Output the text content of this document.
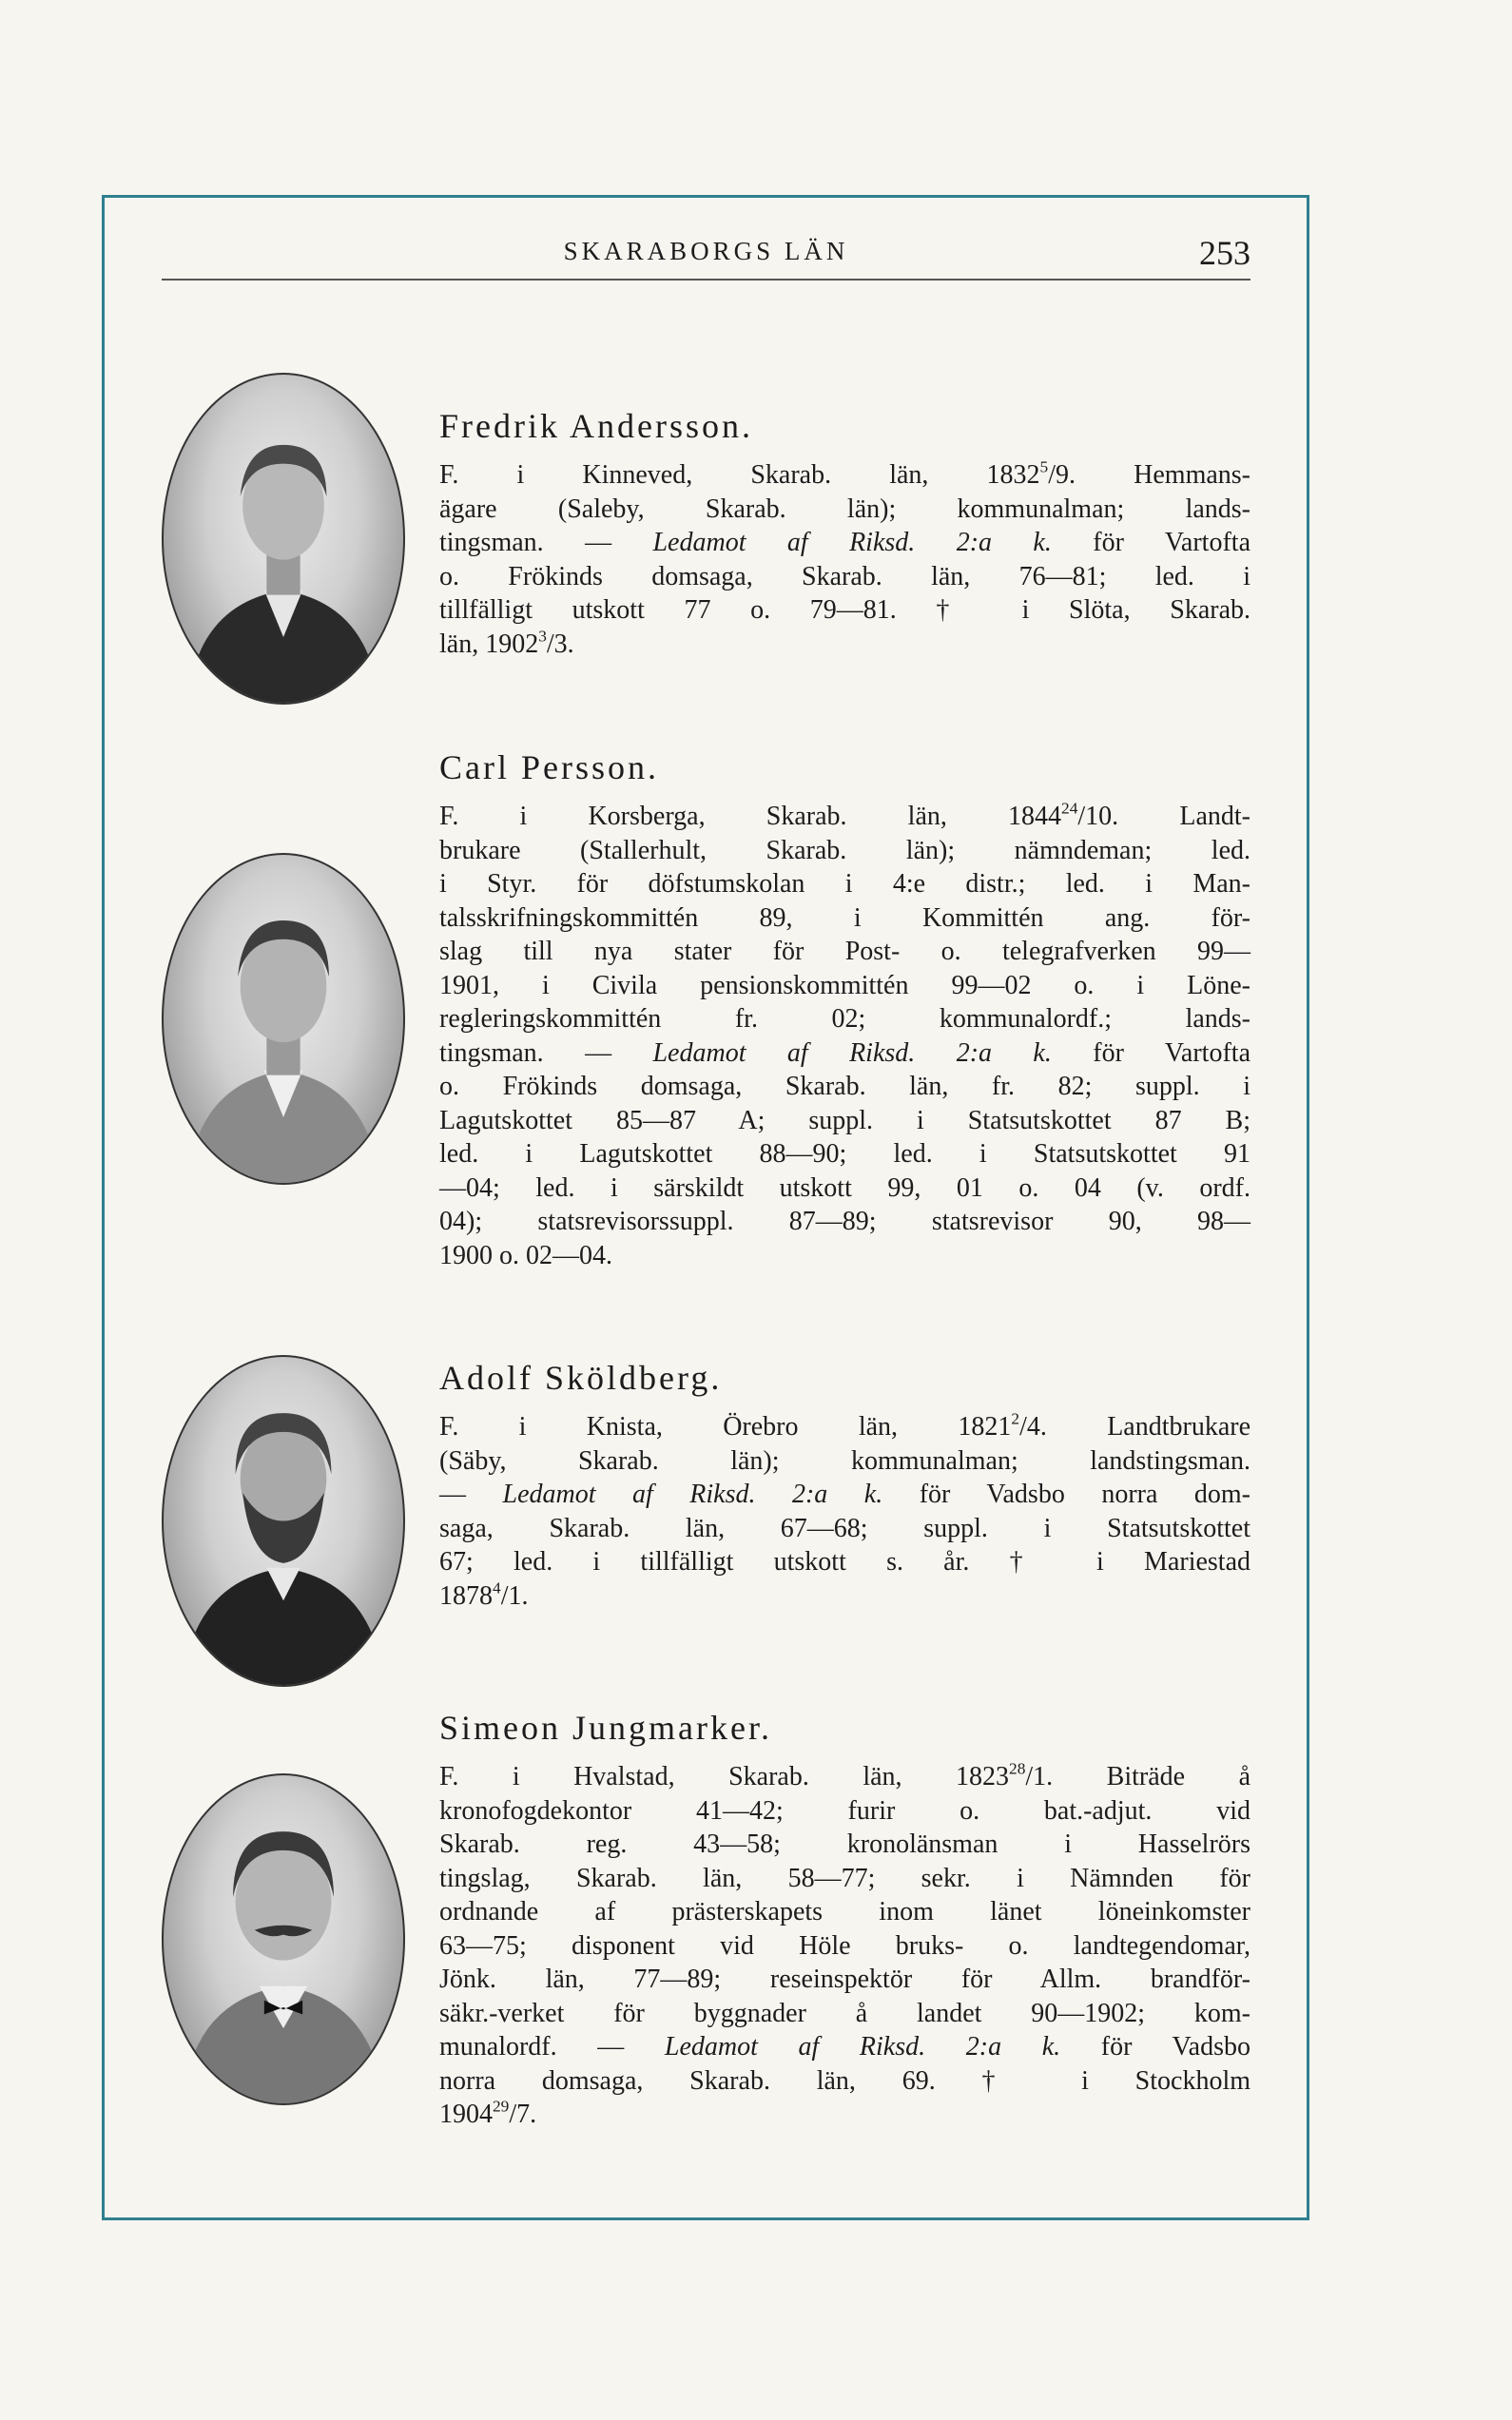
SKARABORGS LÄN	253
Fredrik Andersson.

F. i Kinneved, Skarab. län, 1832$^5$/9. Hemmans-

ägare (Saleby, Skarab. län); kommunalman; lands-

tingsman. — Ledamot af Riksd. 2:a k. för Vartofta

o. Frökinds domsaga, Skarab. län, 76—81; led. i

tillfälligt utskott 77 o. 79—81. † i Slöta, Skarab.

län, 1902$^3$/3.

Carl Persson.

F. i Korsberga, Skarab. län, 1844$^{24}$/10. Landt-

brukare (Stallerhult, Skarab. län); nämndeman; led.

i Styr. för döfstumskolan i 4:e distr.; led. i Man-

talsskrifningskommittén 89, i Kommittén ang. för-

slag till nya stater för Post- o. telegrafverken 99—

1901, i Civila pensionskommittén 99—02 o. i Löne-

regleringskommittén fr. 02; kommunalordf.; lands-

tingsman. — Ledamot af Riksd. 2:a k. för Vartofta

o. Frökinds domsaga, Skarab. län, fr. 82; suppl. i

Lagutskottet 85—87 A; suppl. i Statsutskottet 87 B;

led. i Lagutskottet 88—90; led. i Statsutskottet 91

—04; led. i särskildt utskott 99, 01 o. 04 (v. ordf.

04); statsrevisorssuppl. 87—89; statsrevisor 90, 98—

1900 o. 02—04.

Adolf Sköldberg.

F. i Knista, Örebro län, 1821$^2$/4. Landtbrukare

(Säby, Skarab. län); kommunalman; landstingsman.

— Ledamot af Riksd. 2:a k. för Vadsbo norra dom-

saga, Skarab. län, 67—68; suppl. i Statsutskottet

67; led. i tillfälligt utskott s. år. † i Mariestad

1878$^4$/1.

Simeon Jungmarker.

F. i Hvalstad, Skarab. län, 1823$^{28}$/1. Biträde å

kronofogdekontor 41—42; furir o. bat.-adjut. vid

Skarab. reg. 43—58; kronolänsman i Hasselrörs

tingslag, Skarab. län, 58—77; sekr. i Nämnden för

ordnande af prästerskapets inom länet löneinkomster

63—75; disponent vid Höle bruks- o. landtegendomar,

Jönk. län, 77—89; reseinspektör för Allm. brandför-

säkr.-verket för byggnader å landet 90—1902; kom-

munalordf. — Ledamot af Riksd. 2:a k. för Vadsbo

norra domsaga, Skarab. län, 69. † i Stockholm

1904$^{29}$/7.
